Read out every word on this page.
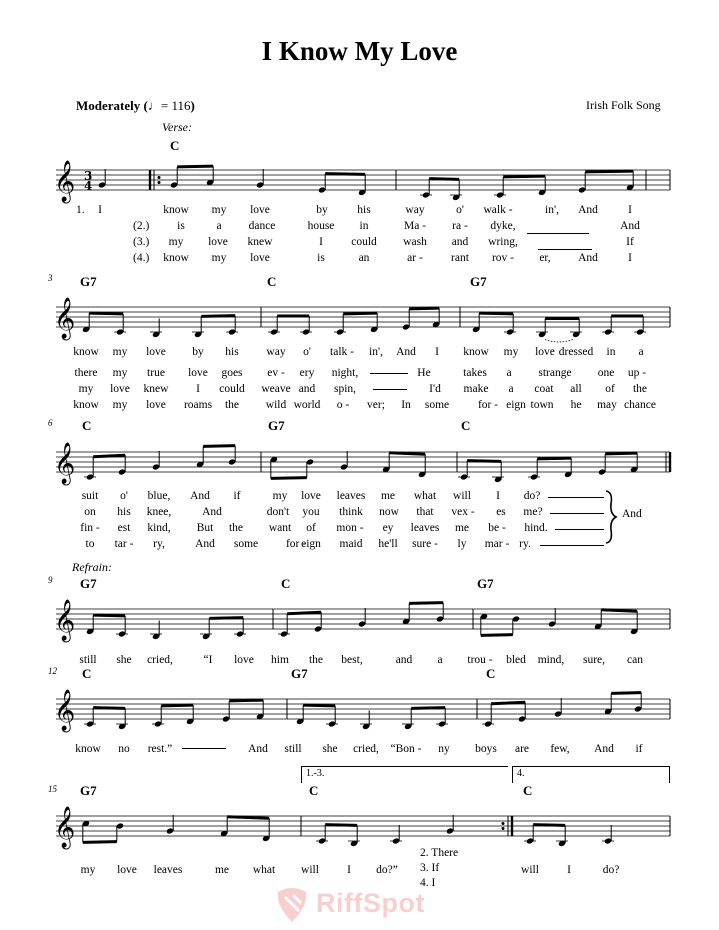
I Know My Love
Moderately (♩= 116)	Irish Folk Song
Verse:
Refrain:
3
6
9
12
15
C
G7	C	G7
C	G7	C
G7	C	G7
C	G7	C
G7	C	C
1.-3.	4.
𝄞 3
4
𝄞
𝄞
𝄞
𝄞
𝄞
1.
(2.)
(3.)
(4.)
I	know my love	by	his	way	o' walk -	in', And	I
is	a dance	house in	Ma - ra - dyke,	And
my love knew	I could wash and wring,	If
know my love	is	an	ar - rant rov - er, And	I
know my love by his way o' talk - in', And I know my love dressed in a
there my true love goes ev - ery night,	He	takes a strange one up -
my love knew I could weave and spin,	I'd make a coat all of the
know my love roams the wild world o - ver; In some	for - eign town he may chance
suit o' blue, And if	my love leaves me what will I do?
on his knee,	And	don't you think now that vex - es me?
fin - est kind, But the want of mon - ey leaves me be - hind.
to tar - ry,	And some for -
eign maid he'll sure - ly mar - ry.
still she cried,	“I love him the best,	and a trou - bled mind, sure, can
know no rest.”	And still she cried, “Bon - ny boys are few, And if
my love leaves	me what will I do?”	will I	do?
2. There
3. If
4. I
And
RiffSpot
